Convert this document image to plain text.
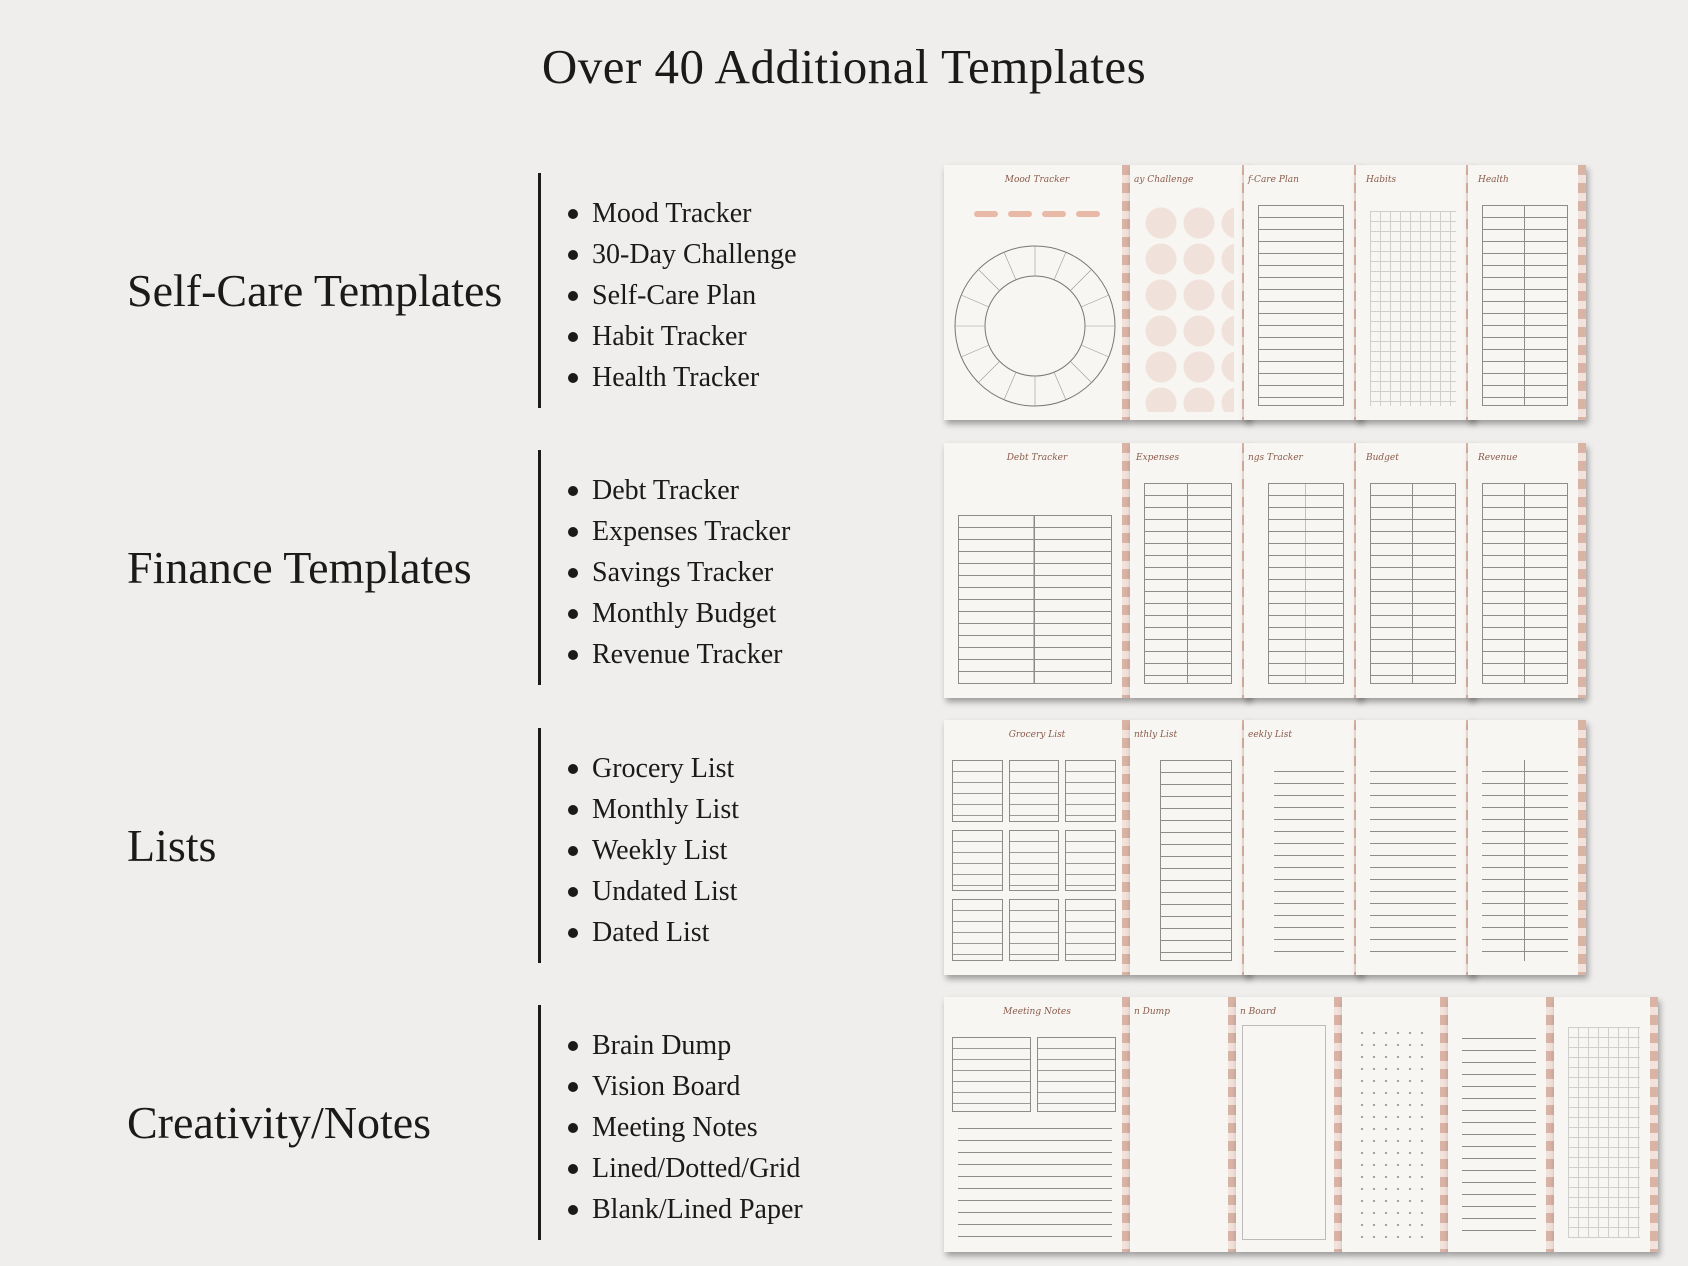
Over 40 Additional Templates
Self-Care Templates
Mood Tracker
30-Day Challenge
Self-Care Plan
Habit Tracker
Health Tracker
Mood Tracker	ay Challenge	f-Care Plan	Habits	Health
Finance Templates
Debt Tracker
Expenses Tracker
Savings Tracker
Monthly Budget
Revenue Tracker
Debt Tracker	Expenses	ngs Tracker	Budget	Revenue
Lists
Grocery List
Monthly List
Weekly List
Undated List
Dated List
Grocery List	nthly List	eekly List
Creativity/Notes
Brain Dump
Vision Board
Meeting Notes
Lined/Dotted/Grid
Blank/Lined Paper
Meeting Notes	n Dump	n Board
